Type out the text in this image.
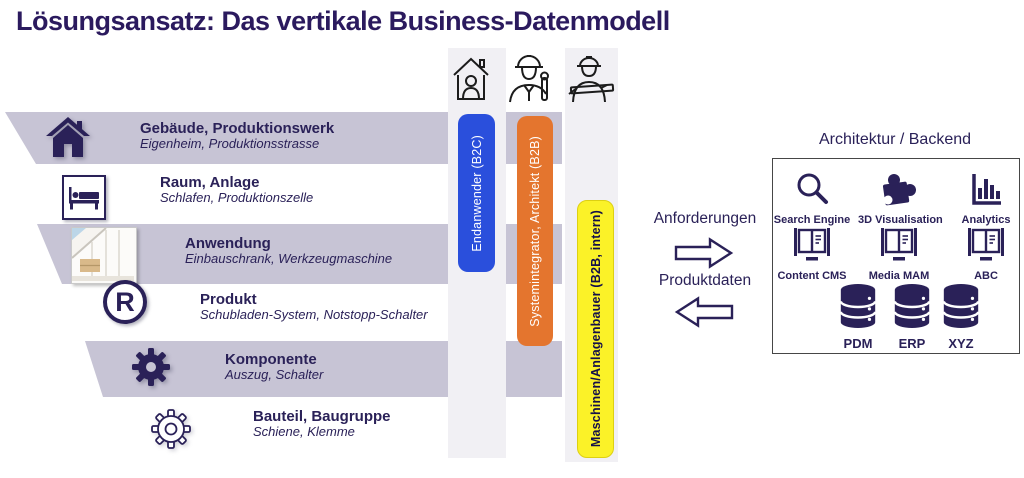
Lösungsansatz: Das vertikale Business-Datenmodell
Gebäude, Produktionswerk
Eigenheim, Produktionsstrasse
Raum, Anlage
Schlafen, Produktionszelle
Anwendung
Einbauschrank, Werkzeugmaschine
Produkt
Schubladen-System, Notstopp-Schalter
Komponente
Auszug, Schalter
Bauteil, Baugruppe
Schiene, Klemme
R
Endanwender (B2C)	Systemintegrator, Architekt (B2B)	Maschinen/Anlagenbauer (B2B, intern)	Anforderungen
Produktdaten
Architektur / Backend
Search Engine 3D Visualisation	Analytics
Content CMS	Media MAM	ABC
PDM	ERP	XYZ
